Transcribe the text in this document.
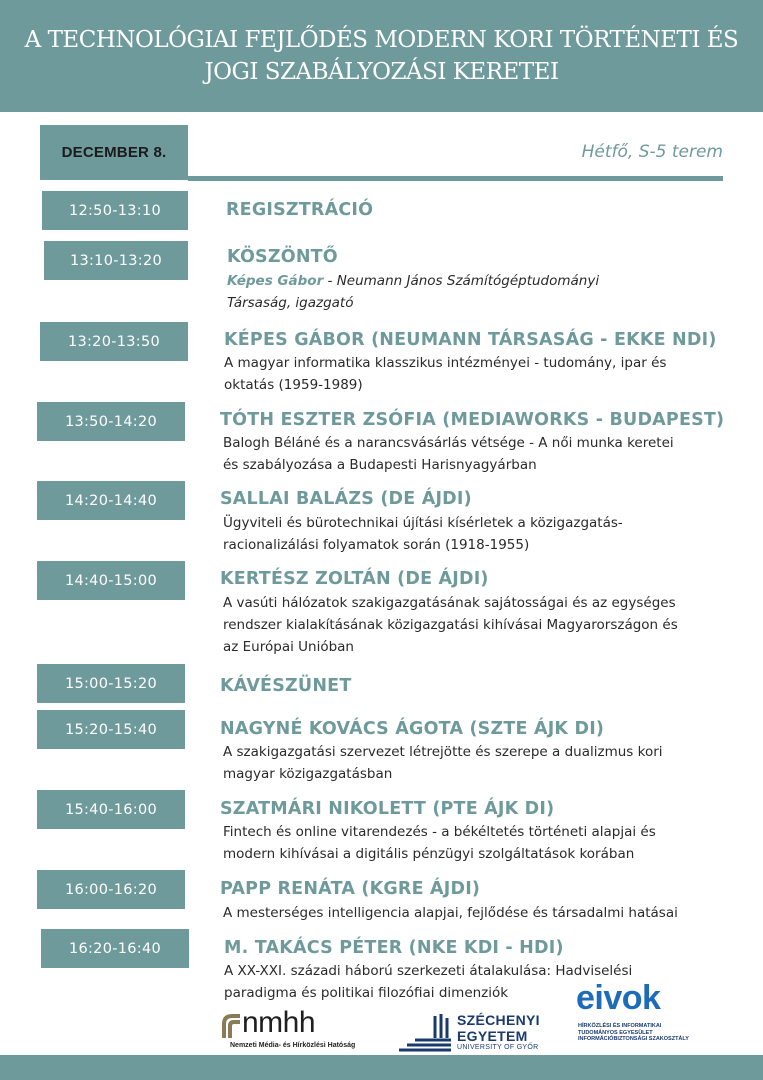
A TECHNOLÓGIAI FEJLŐDÉS MODERN KORI TÖRTÉNETI ÉS
JOGI SZABÁLYOZÁSI KERETEI
DECEMBER 8.	Hétfő, S-5 terem
12:50-13:10	REGISZTRÁCIÓ
13:10-13:20	KÖSZÖNTŐ
Képes Gábor - Neumann János Számítógéptudományi
Társaság, igazgató
13:20-13:50	KÉPES GÁBOR (NEUMANN TÁRSASÁG - EKKE NDI)
A magyar informatika klasszikus intézményei - tudomány, ipar és
oktatás (1959-1989)
13:50-14:20	TÓTH ESZTER ZSÓFIA (MEDIAWORKS - BUDAPEST)
Balogh Béláné és a narancsvásárlás vétsége - A női munka keretei
és szabályozása a Budapesti Harisnyagyárban
14:20-14:40	SALLAI BALÁZS (DE ÁJDI)
Ügyviteli és bürotechnikai újítási kísérletek a közigazgatás-
racionalizálási folyamatok során (1918-1955)
14:40-15:00	KERTÉSZ ZOLTÁN (DE ÁJDI)
A vasúti hálózatok szakigazgatásának sajátosságai és az egységes
rendszer kialakításának közigazgatási kihívásai Magyarországon és
az Európai Unióban
15:00-15:20	KÁVÉSZÜNET
15:20-15:40	NAGYNÉ KOVÁCS ÁGOTA (SZTE ÁJK DI)
A szakigazgatási szervezet létrejötte és szerepe a dualizmus kori
magyar közigazgatásban
15:40-16:00	SZATMÁRI NIKOLETT (PTE ÁJK DI)
Fintech és online vitarendezés - a békéltetés történeti alapjai és
modern kihívásai a digitális pénzügyi szolgáltatások korában
16:00-16:20	PAPP RENÁTA (KGRE ÁJDI)
A mesterséges intelligencia alapjai, fejlődése és társadalmi hatásai
16:20-16:40	M. TAKÁCS PÉTER (NKE KDI - HDI)
A XX-XXI. századi háború szerkezeti átalakulása: Hadviselési
paradigma és politikai filozófiai dimenziók
nmhh
Nemzeti Média- és Hírközlési Hatóság
SZÉCHENYI
EGYETEM
UNIVERSITY OF GYŐR
eivok
HÍRKÖZLÉSI ÉS INFORMATIKAI TUDOMÁNYOS EGYESÜLET INFORMÁCIÓBIZTONSÁGI SZAKOSZTÁLY
